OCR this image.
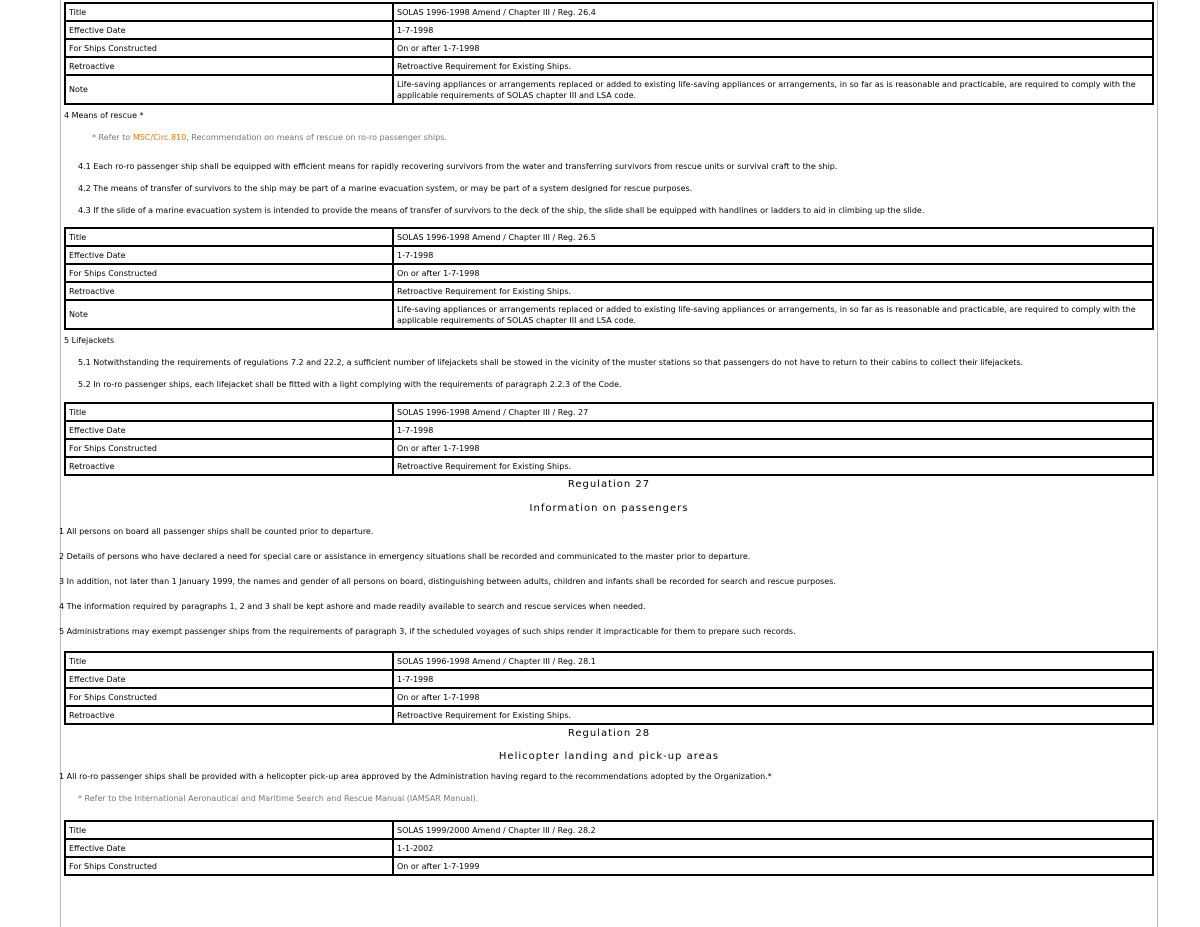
Title	SOLAS 1996-1998 Amend / Chapter III / Reg. 26.4
Effective Date	1-7-1998
For Ships Constructed	On or after 1-7-1998
Retroactive	Retroactive Requirement for Existing Ships.
Note	Life-saving appliances or arrangements replaced or added to existing life-saving appliances or arrangements, in so far as is reasonable and practicable, are required to comply with the applicable requirements of SOLAS chapter III and LSA code.

4 Means of rescue *

* Refer to MSC/Circ.810, Recommendation on means of rescue on ro-ro passenger ships.

4.1 Each ro-ro passenger ship shall be equipped with efficient means for rapidly recovering survivors from the water and transferring survivors from rescue units or survival craft to the ship.

4.2 The means of transfer of survivors to the ship may be part of a marine evacuation system, or may be part of a system designed for rescue purposes.

4.3 If the slide of a marine evacuation system is intended to provide the means of transfer of survivors to the deck of the ship, the slide shall be equipped with handlines or ladders to aid in climbing up the slide.

Title	SOLAS 1996-1998 Amend / Chapter III / Reg. 26.5
Effective Date	1-7-1998
For Ships Constructed	On or after 1-7-1998
Retroactive	Retroactive Requirement for Existing Ships.
Note	Life-saving appliances or arrangements replaced or added to existing life-saving appliances or arrangements, in so far as is reasonable and practicable, are required to comply with the applicable requirements of SOLAS chapter III and LSA code.

5 Lifejackets

5.1 Notwithstanding the requirements of regulations 7.2 and 22.2, a sufficient number of lifejackets shall be stowed in the vicinity of the muster stations so that passengers do not have to return to their cabins to collect their lifejackets.

5.2 In ro-ro passenger ships, each lifejacket shall be fitted with a light complying with the requirements of paragraph 2.2.3 of the Code.

Title	SOLAS 1996-1998 Amend / Chapter III / Reg. 27
Effective Date	1-7-1998
For Ships Constructed	On or after 1-7-1998
Retroactive	Retroactive Requirement for Existing Ships.

Regulation 27

Information on passengers

1 All persons on board all passenger ships shall be counted prior to departure.

2 Details of persons who have declared a need for special care or assistance in emergency situations shall be recorded and communicated to the master prior to departure.

3 In addition, not later than 1 January 1999, the names and gender of all persons on board, distinguishing between adults, children and infants shall be recorded for search and rescue purposes.

4 The information required by paragraphs 1, 2 and 3 shall be kept ashore and made readily available to search and rescue services when needed.

5 Administrations may exempt passenger ships from the requirements of paragraph 3, if the scheduled voyages of such ships render it impracticable for them to prepare such records.

Title	SOLAS 1996-1998 Amend / Chapter III / Reg. 28.1
Effective Date	1-7-1998
For Ships Constructed	On or after 1-7-1998
Retroactive	Retroactive Requirement for Existing Ships.

Regulation 28

Helicopter landing and pick-up areas

1 All ro-ro passenger ships shall be provided with a helicopter pick-up area approved by the Administration having regard to the recommendations adopted by the Organization.*

* Refer to the International Aeronautical and Maritime Search and Rescue Manual (IAMSAR Manual).

Title	SOLAS 1999/2000 Amend / Chapter III / Reg. 28.2
Effective Date	1-1-2002
For Ships Constructed	On or after 1-7-1999
